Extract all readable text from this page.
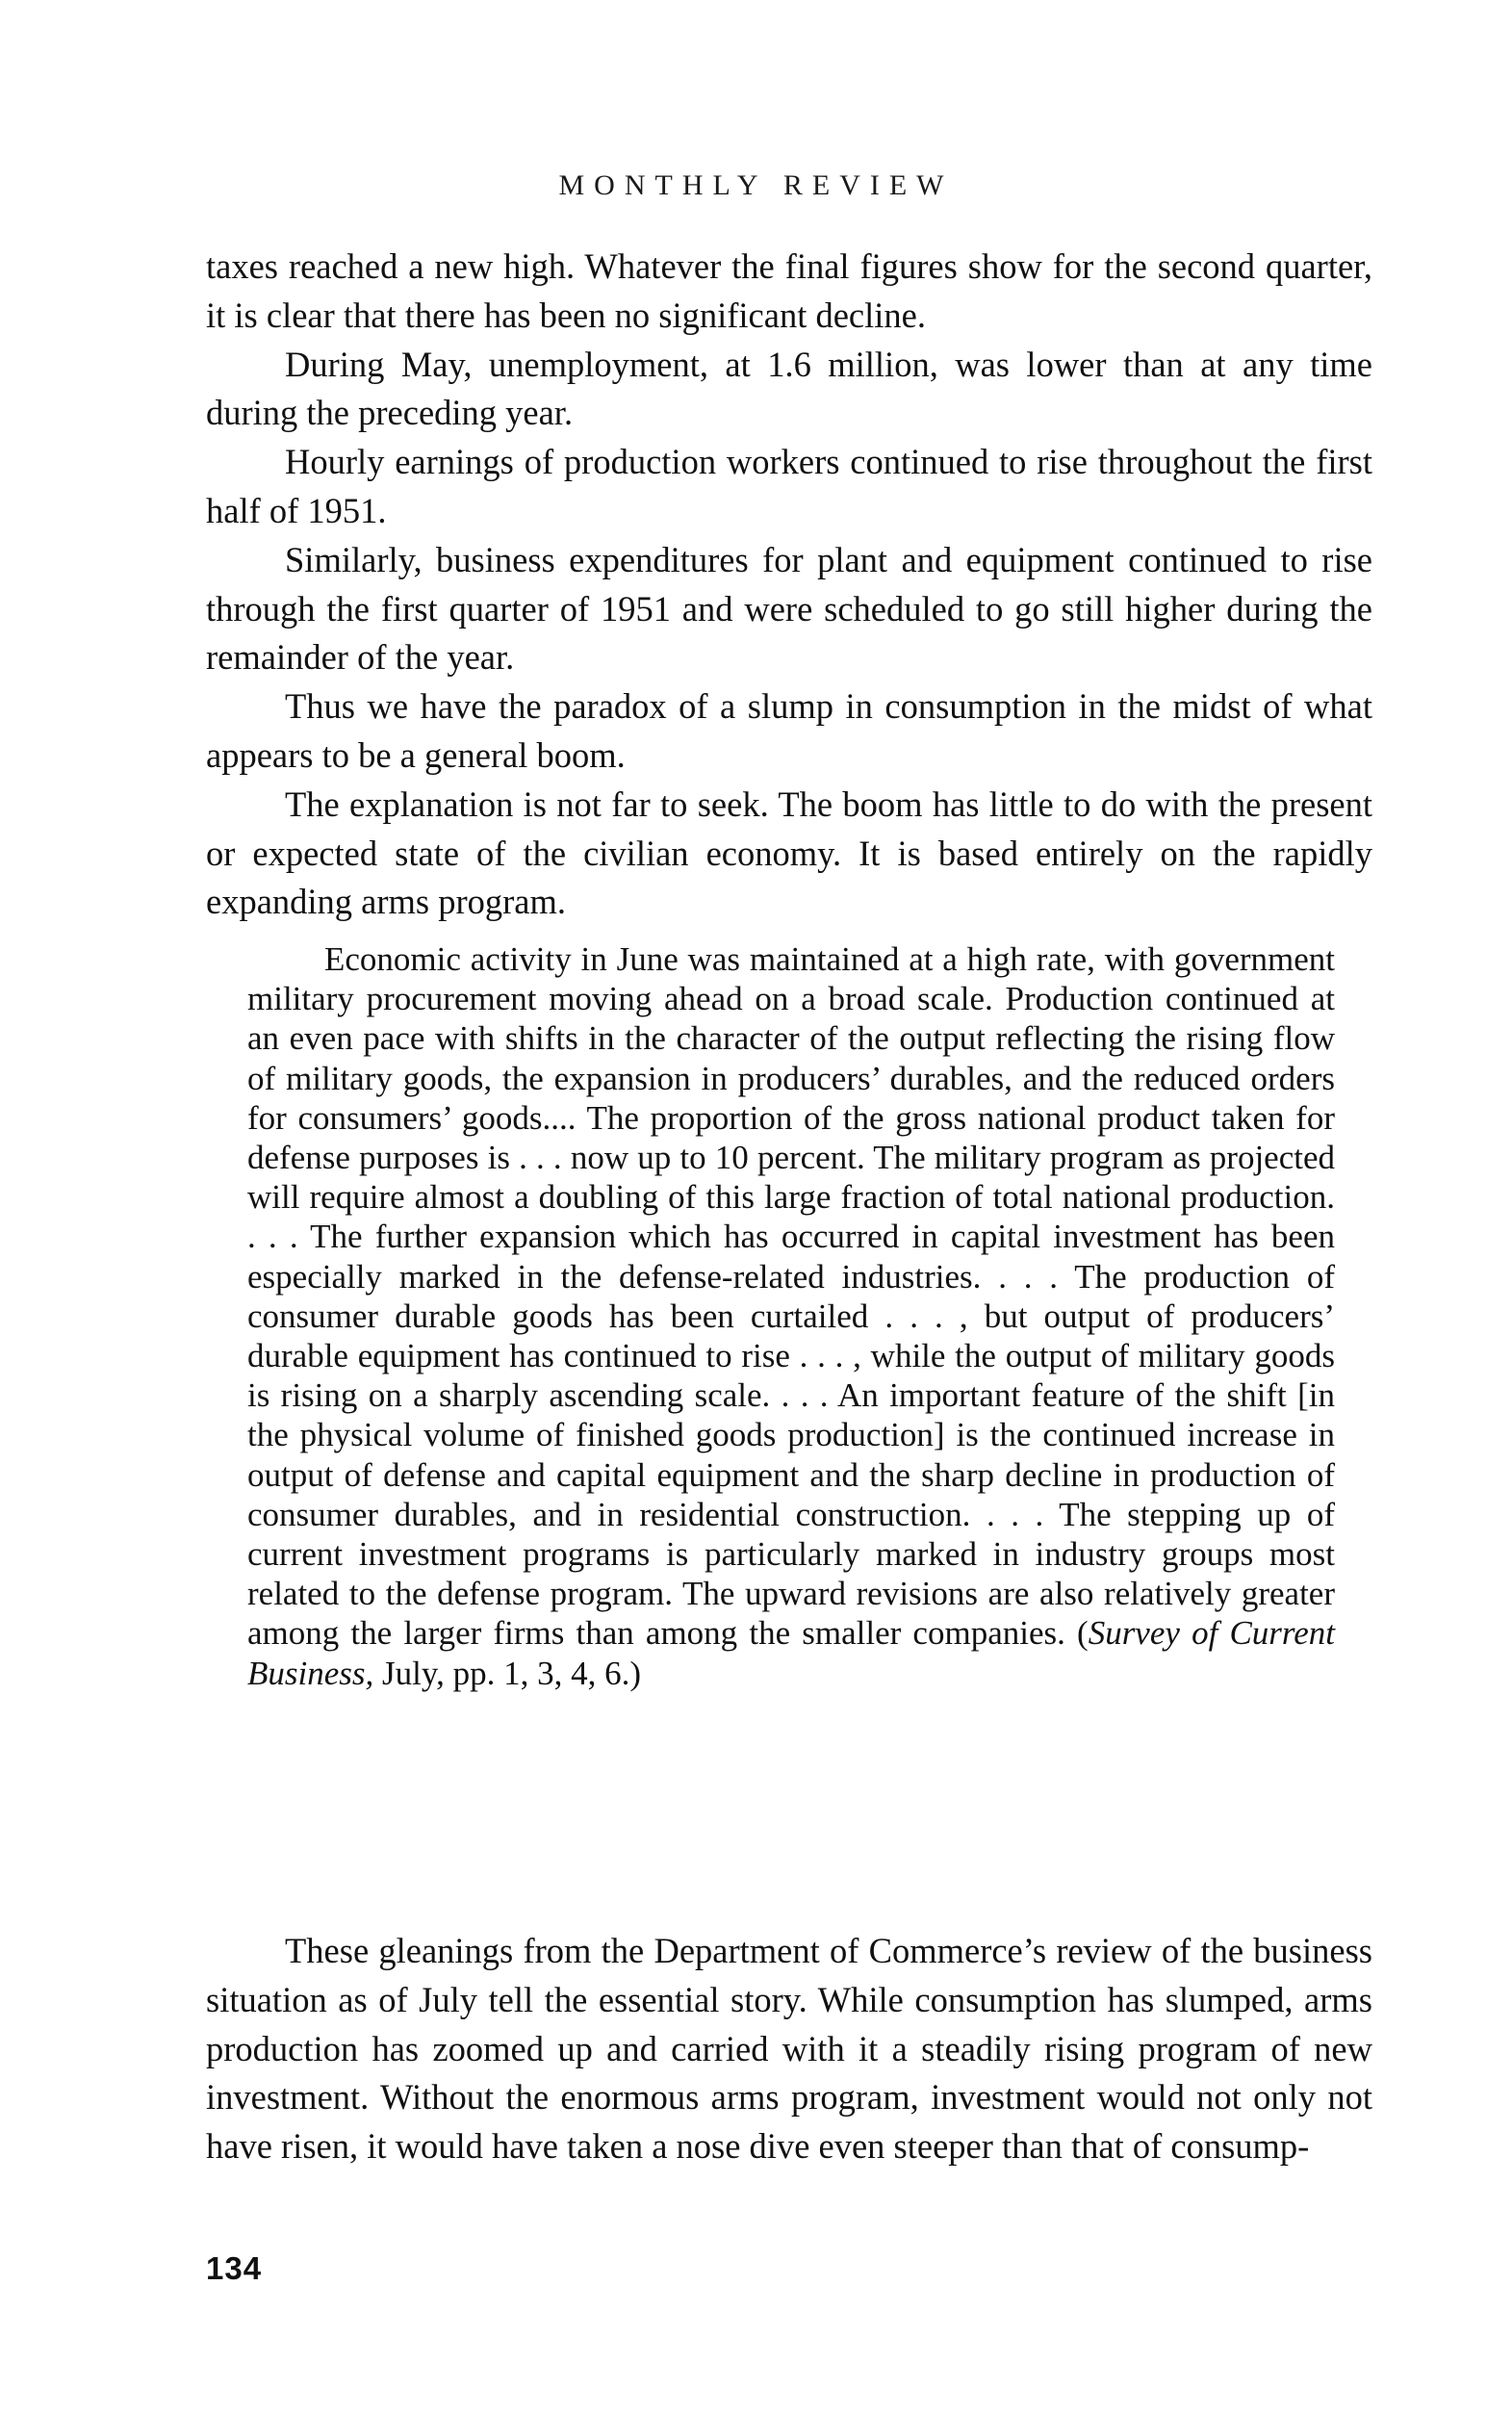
MONTHLY REVIEW

taxes reached a new high. Whatever the final figures show for the second quarter, it is clear that there has been no significant decline.

During May, unemployment, at 1.6 million, was lower than at any time during the preceding year.

Hourly earnings of production workers continued to rise throughout the first half of 1951.

Similarly, business expenditures for plant and equipment continued to rise through the first quarter of 1951 and were scheduled to go still higher during the remainder of the year.

Thus we have the paradox of a slump in consumption in the midst of what appears to be a general boom.

The explanation is not far to seek. The boom has little to do with the present or expected state of the civilian economy. It is based entirely on the rapidly expanding arms program.

Economic activity in June was maintained at a high rate, with government military procurement moving ahead on a broad scale. Production continued at an even pace with shifts in the character of the output reflecting the rising flow of military goods, the expansion in producers’ durables, and the reduced orders for consumers’ goods.... The proportion of the gross national product taken for defense purposes is . . . now up to 10 percent. The military program as projected will require almost a doubling of this large fraction of total national production. . . . The further expansion which has occurred in capital investment has been especially marked in the defense-related industries. . . . The production of consumer durable goods has been curtailed . . . , but output of producers’ durable equipment has continued to rise . . . , while the output of military goods is rising on a sharply ascending scale. . . . An important feature of the shift [in the physical volume of finished goods production] is the continued increase in output of defense and capital equipment and the sharp decline in production of consumer durables, and in residential construction. . . . The stepping up of current investment programs is particularly marked in industry groups most related to the defense program. The upward revisions are also relatively greater among the larger firms than among the smaller companies. (Survey of Current Business, July, pp. 1, 3, 4, 6.)

These gleanings from the Department of Commerce’s review of the business situation as of July tell the essential story. While consumption has slumped, arms production has zoomed up and carried with it a steadily rising program of new investment. Without the enormous arms program, investment would not only not have risen, it would have taken a nose dive even steeper than that of consump-

134
